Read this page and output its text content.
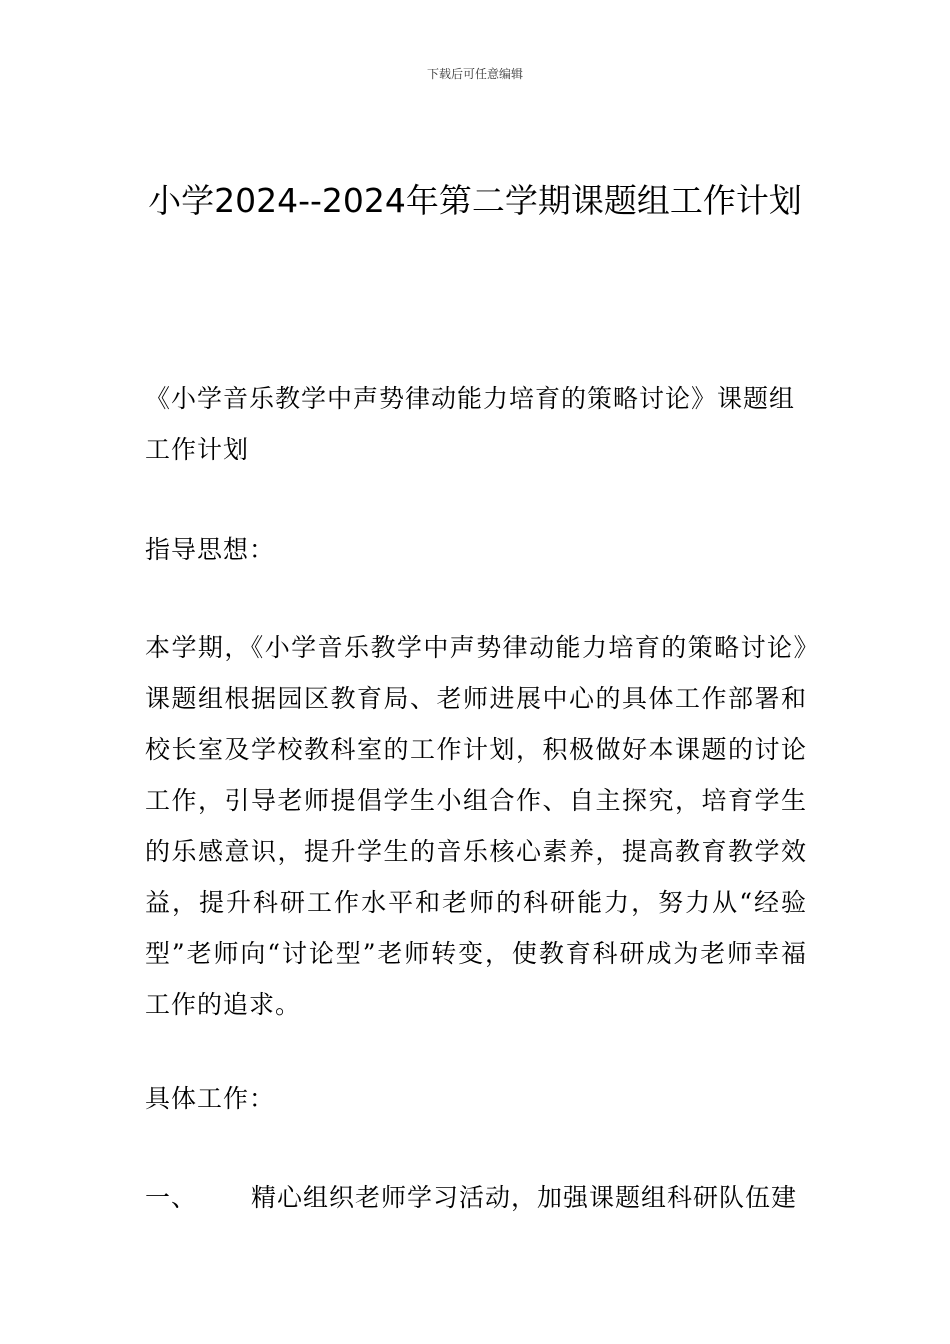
下载后可任意编辑
小学2024--2024年第二学期课题组工作计划
《小学音乐教学中声势律动能力培育的策略讨论》课题组工作计划
指导思想：
本学期，《小学音乐教学中声势律动能力培育的策略讨论》课题组根据园区教育局、老师进展中心的具体工作部署和校长室及学校教科室的工作计划，积极做好本课题的讨论工作，引导老师提倡学生小组合作、自主探究，培育学生的乐感意识，提升学生的音乐核心素养，提高教育教学效益，提升科研工作水平和老师的科研能力，努力从“经验型”老师向“讨论型”老师转变，使教育科研成为老师幸福工作的追求。
具体工作：
一、 精心组织老师学习活动，加强课题组科研队伍建
